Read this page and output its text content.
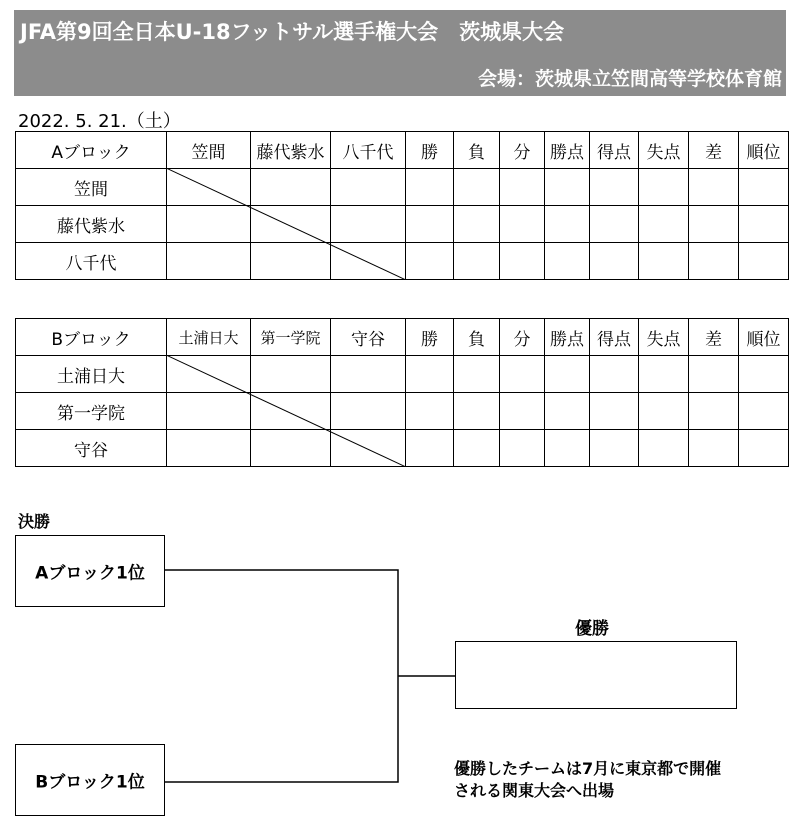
JFA第9回全日本U-18フットサル選手権大会　茨城県大会
会場：茨城県立笠間高等学校体育館
2022. 5. 21.（土）
Aブロック	笠間	藤代紫水	八千代	勝	負	分	勝点	得点	失点	差	順位
笠間											
藤代紫水											
八千代											
Bブロック	土浦日大	第一学院	守谷	勝	負	分	勝点	得点	失点	差	順位
土浦日大											
第一学院											
守谷											
決勝
Aブロック1位
Bブロック1位
優勝
優勝したチームは7月に東京都で開催
される関東大会へ出場
